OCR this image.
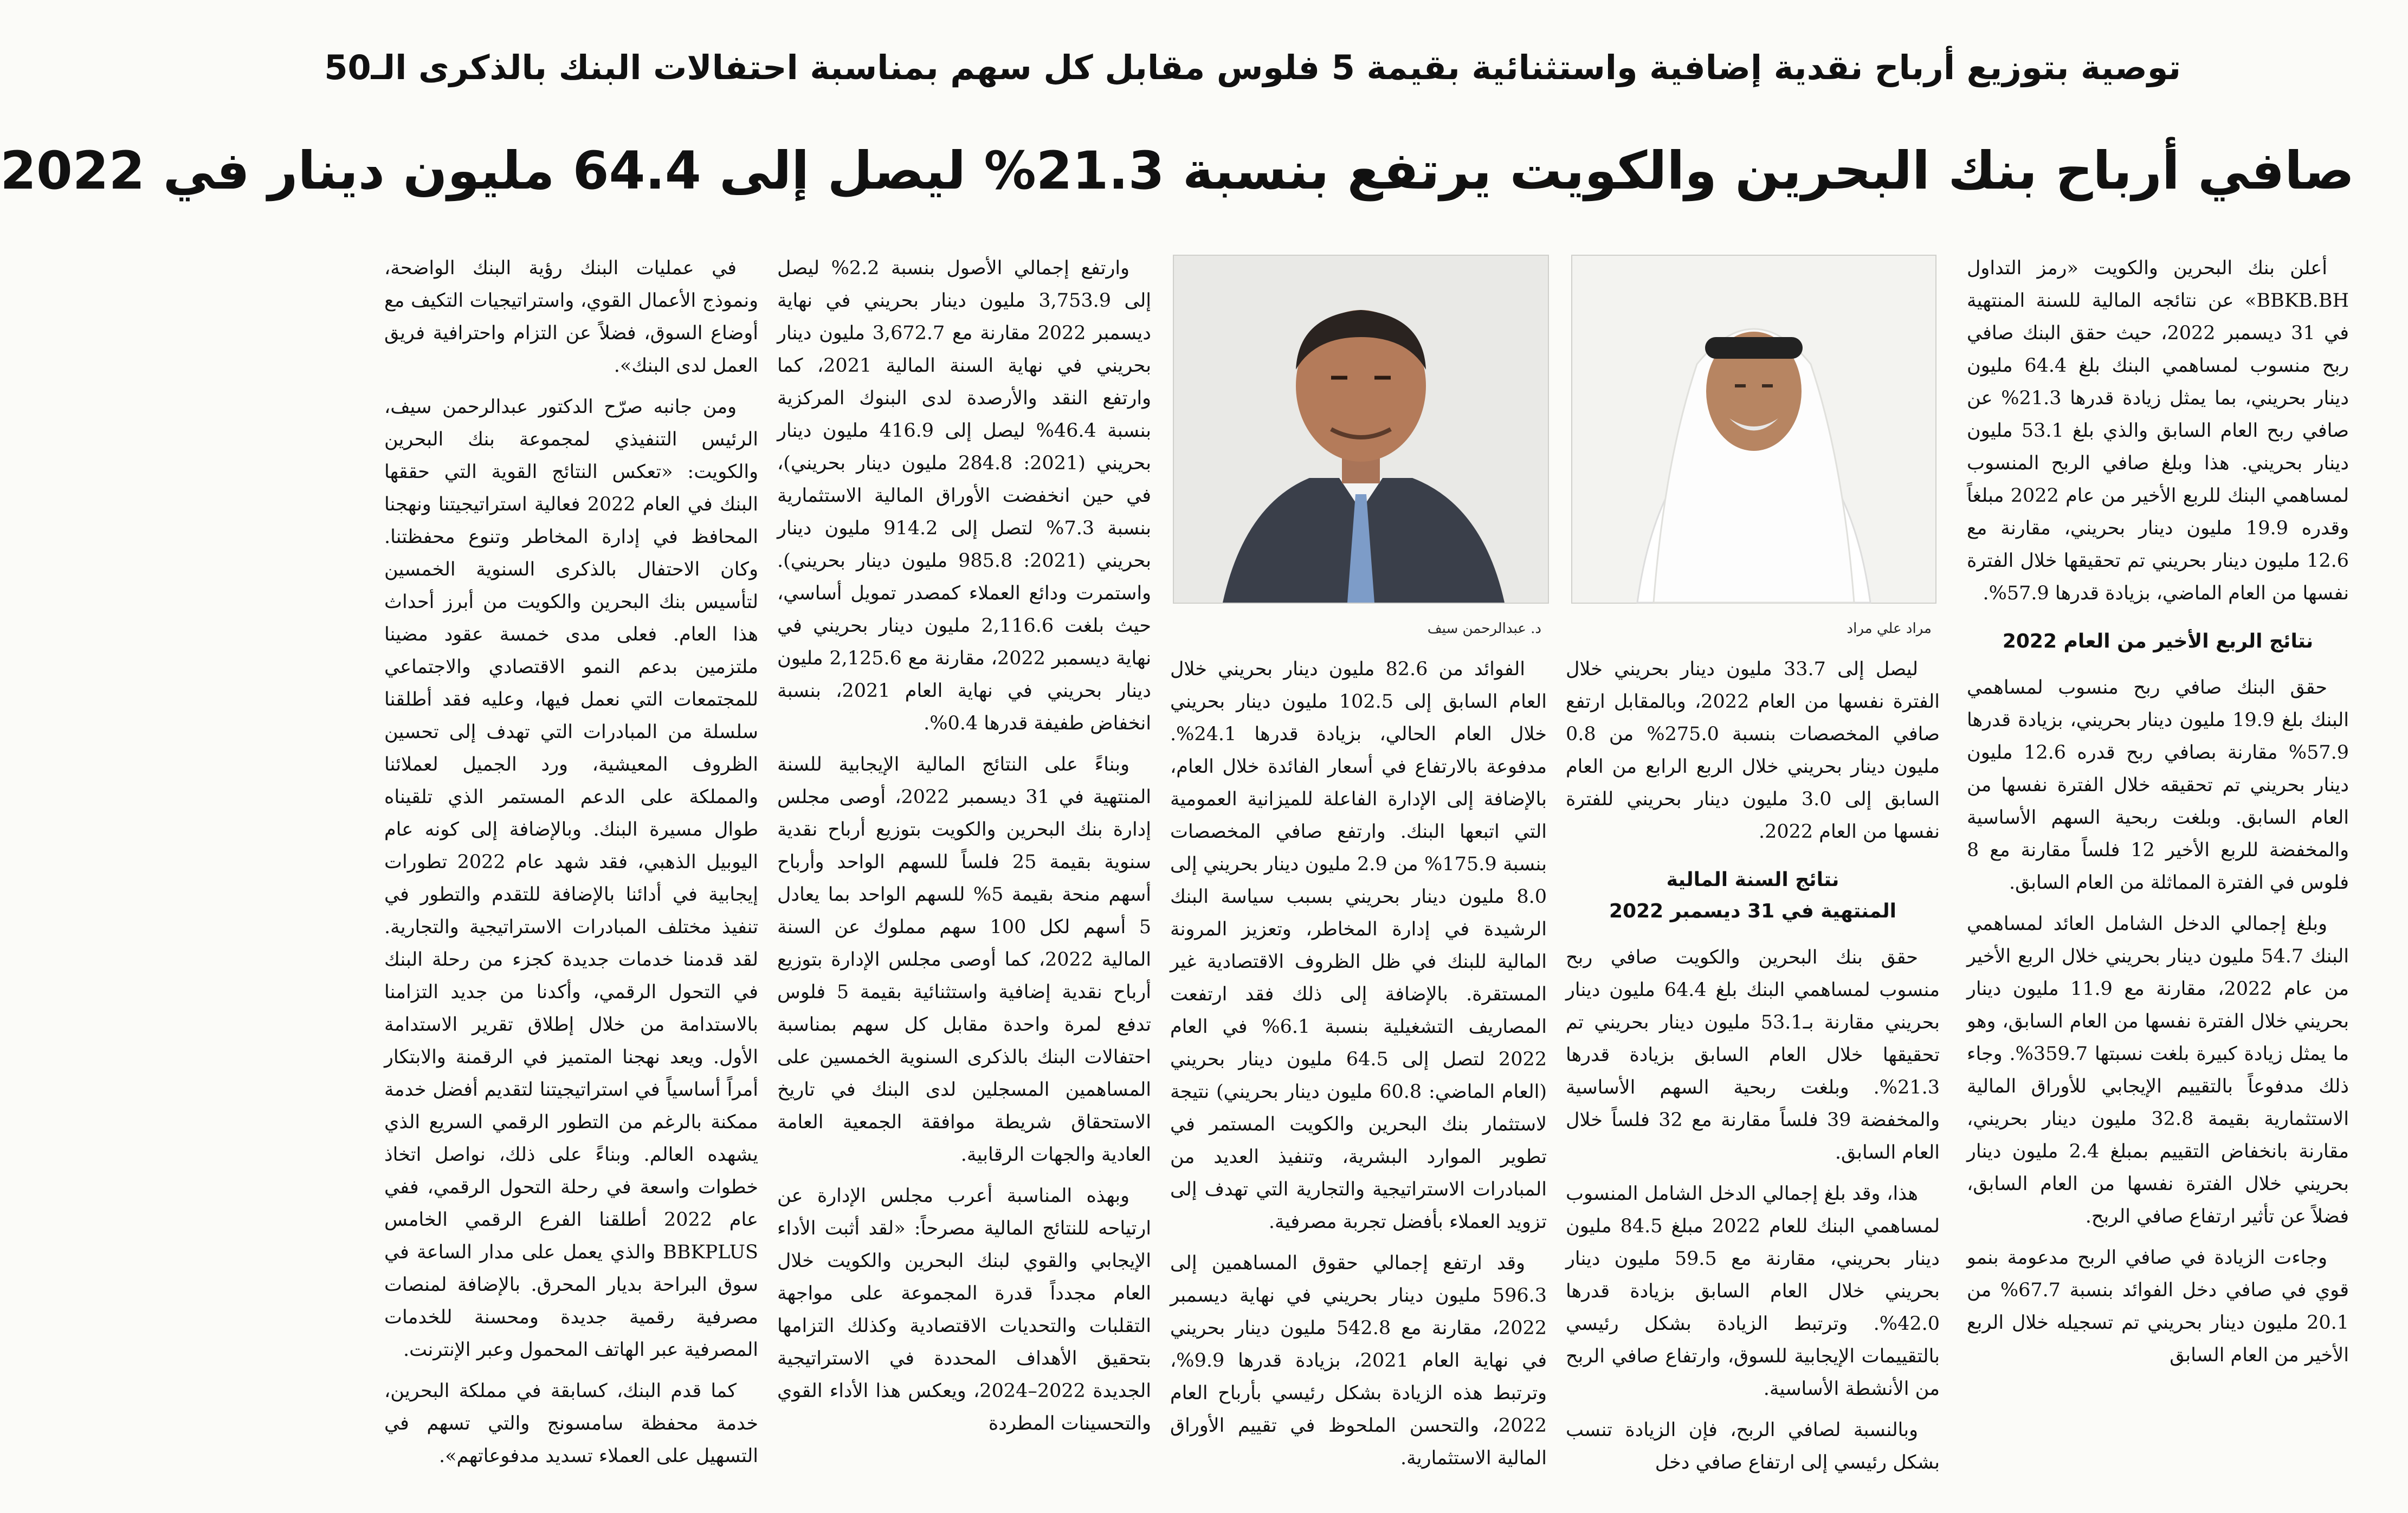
توصية بتوزيع أرباح نقدية إضافية واستثنائية بقيمة 5 فلوس مقابل كل سهم بمناسبة احتفالات البنك بالذكرى الـ50
صافي أرباح بنك البحرين والكويت يرتفع بنسبة 21.3% ليصل إلى 64.4 مليون دينار في 2022

أعلن بنك البحرين والكويت «رمز التداول BBKB.BH» عن نتائجه المالية للسنة المنتهية في 31 ديسمبر 2022، حيث حقق البنك صافي ربح منسوب لمساهمي البنك بلغ 64.4 مليون دينار بحريني، بما يمثل زيادة قدرها 21.3% عن صافي ربح العام السابق والذي بلغ 53.1 مليون دينار بحريني. هذا وبلغ صافي الربح المنسوب لمساهمي البنك للربع الأخير من عام 2022 مبلغاً وقدره 19.9 مليون دينار بحريني، مقارنة مع 12.6 مليون دينار بحريني تم تحقيقها خلال الفترة نفسها من العام الماضي، بزيادة قدرها 57.9%.

نتائج الربع الأخير من العام 2022

حقق البنك صافي ربح منسوب لمساهمي البنك بلغ 19.9 مليون دينار بحريني، بزيادة قدرها 57.9% مقارنة بصافي ربح قدره 12.6 مليون دينار بحريني تم تحقيقه خلال الفترة نفسها من العام السابق. وبلغت ربحية السهم الأساسية والمخفضة للربع الأخير 12 فلساً مقارنة مع 8 فلوس في الفترة المماثلة من العام السابق.

وبلغ إجمالي الدخل الشامل العائد لمساهمي البنك 54.7 مليون دينار بحريني خلال الربع الأخير من عام 2022، مقارنة مع 11.9 مليون دينار بحريني خلال الفترة نفسها من العام السابق، وهو ما يمثل زيادة كبيرة بلغت نسبتها 359.7%. وجاء ذلك مدفوعاً بالتقييم الإيجابي للأوراق المالية الاستثمارية بقيمة 32.8 مليون دينار بحريني، مقارنة بانخفاض التقييم بمبلغ 2.4 مليون دينار بحريني خلال الفترة نفسها من العام السابق، فضلاً عن تأثير ارتفاع صافي الربح.

وجاءت الزيادة في صافي الربح مدعومة بنمو قوي في صافي دخل الفوائد بنسبة 67.7% من 20.1 مليون دينار بحريني تم تسجيله خلال الربع الأخير من العام السابق

مراد علي مراد
د. عبدالرحمن سيف

ليصل إلى 33.7 مليون دينار بحريني خلال الفترة نفسها من العام 2022، وبالمقابل ارتفع صافي المخصصات بنسبة 275.0% من 0.8 مليون دينار بحريني خلال الربع الرابع من العام السابق إلى 3.0 مليون دينار بحريني للفترة نفسها من العام 2022.

نتائج السنة المالية
المنتهية في 31 ديسمبر 2022

حقق بنك البحرين والكويت صافي ربح منسوب لمساهمي البنك بلغ 64.4 مليون دينار بحريني مقارنة بـ53.1 مليون دينار بحريني تم تحقيقها خلال العام السابق بزيادة قدرها 21.3%. وبلغت ربحية السهم الأساسية والمخفضة 39 فلساً مقارنة مع 32 فلساً خلال العام السابق.

هذا، وقد بلغ إجمالي الدخل الشامل المنسوب لمساهمي البنك للعام 2022 مبلغ 84.5 مليون دينار بحريني، مقارنة مع 59.5 مليون دينار بحريني خلال العام السابق بزيادة قدرها 42.0%. وترتبط الزيادة بشكل رئيسي بالتقييمات الإيجابية للسوق، وارتفاع صافي الربح من الأنشطة الأساسية.

وبالنسبة لصافي الربح، فإن الزيادة تنسب بشكل رئيسي إلى ارتفاع صافي دخل

الفوائد من 82.6 مليون دينار بحريني خلال العام السابق إلى 102.5 مليون دينار بحريني خلال العام الحالي، بزيادة قدرها 24.1%. مدفوعة بالارتفاع في أسعار الفائدة خلال العام، بالإضافة إلى الإدارة الفاعلة للميزانية العمومية التي اتبعها البنك. وارتفع صافي المخصصات بنسبة 175.9% من 2.9 مليون دينار بحريني إلى 8.0 مليون دينار بحريني بسبب سياسة البنك الرشيدة في إدارة المخاطر، وتعزيز المرونة المالية للبنك في ظل الظروف الاقتصادية غير المستقرة. بالإضافة إلى ذلك فقد ارتفعت المصاريف التشغيلية بنسبة 6.1% في العام 2022 لتصل إلى 64.5 مليون دينار بحريني (العام الماضي: 60.8 مليون دينار بحريني) نتيجة لاستثمار بنك البحرين والكويت المستمر في تطوير الموارد البشرية، وتنفيذ العديد من المبادرات الاستراتيجية والتجارية التي تهدف إلى تزويد العملاء بأفضل تجربة مصرفية.

وقد ارتفع إجمالي حقوق المساهمين إلى 596.3 مليون دينار بحريني في نهاية ديسمبر 2022، مقارنة مع 542.8 مليون دينار بحريني في نهاية العام 2021، بزيادة قدرها 9.9%، وترتبط هذه الزيادة بشكل رئيسي بأرباح العام 2022، والتحسن الملحوظ في تقييم الأوراق المالية الاستثمارية.

وارتفع إجمالي الأصول بنسبة 2.2% ليصل إلى 3,753.9 مليون دينار بحريني في نهاية ديسمبر 2022 مقارنة مع 3,672.7 مليون دينار بحريني في نهاية السنة المالية 2021، كما وارتفع النقد والأرصدة لدى البنوك المركزية بنسبة 46.4% ليصل إلى 416.9 مليون دينار بحريني (2021: 284.8 مليون دينار بحريني)، في حين انخفضت الأوراق المالية الاستثمارية بنسبة 7.3% لتصل إلى 914.2 مليون دينار بحريني (2021: 985.8 مليون دينار بحريني). واستمرت ودائع العملاء كمصدر تمويل أساسي، حيث بلغت 2,116.6 مليون دينار بحريني في نهاية ديسمبر 2022، مقارنة مع 2,125.6 مليون دينار بحريني في نهاية العام 2021، بنسبة انخفاض طفيفة قدرها 0.4%.

وبناءً على النتائج المالية الإيجابية للسنة المنتهية في 31 ديسمبر 2022، أوصى مجلس إدارة بنك البحرين والكويت بتوزيع أرباح نقدية سنوية بقيمة 25 فلساً للسهم الواحد وأرباح أسهم منحة بقيمة 5% للسهم الواحد بما يعادل 5 أسهم لكل 100 سهم مملوك عن السنة المالية 2022، كما أوصى مجلس الإدارة بتوزيع أرباح نقدية إضافية واستثنائية بقيمة 5 فلوس تدفع لمرة واحدة مقابل كل سهم بمناسبة احتفالات البنك بالذكرى السنوية الخمسين على المساهمين المسجلين لدى البنك في تاريخ الاستحقاق شريطة موافقة الجمعية العامة العادية والجهات الرقابية.

وبهذه المناسبة أعرب مجلس الإدارة عن ارتياحه للنتائج المالية مصرحاً: «لقد أثبت الأداء الإيجابي والقوي لبنك البحرين والكويت خلال العام مجدداً قدرة المجموعة على مواجهة التقلبات والتحديات الاقتصادية وكذلك التزامها بتحقيق الأهداف المحددة في الاستراتيجية الجديدة 2022–2024، ويعكس هذا الأداء القوي والتحسينات المطردة

في عمليات البنك رؤية البنك الواضحة، ونموذج الأعمال القوي، واستراتيجيات التكيف مع أوضاع السوق، فضلاً عن التزام واحترافية فريق العمل لدى البنك».

ومن جانبه صرّح الدكتور عبدالرحمن سيف، الرئيس التنفيذي لمجموعة بنك البحرين والكويت: «تعكس النتائج القوية التي حققها البنك في العام 2022 فعالية استراتيجيتنا ونهجنا المحافظ في إدارة المخاطر وتنوع محفظتنا. وكان الاحتفال بالذكرى السنوية الخمسين لتأسيس بنك البحرين والكويت من أبرز أحداث هذا العام. فعلى مدى خمسة عقود مضينا ملتزمين بدعم النمو الاقتصادي والاجتماعي للمجتمعات التي نعمل فيها، وعليه فقد أطلقنا سلسلة من المبادرات التي تهدف إلى تحسين الظروف المعيشية، ورد الجميل لعملائنا والمملكة على الدعم المستمر الذي تلقيناه طوال مسيرة البنك. وبالإضافة إلى كونه عام اليوبيل الذهبي، فقد شهد عام 2022 تطورات إيجابية في أدائنا بالإضافة للتقدم والتطور في تنفيذ مختلف المبادرات الاستراتيجية والتجارية. لقد قدمنا خدمات جديدة كجزء من رحلة البنك في التحول الرقمي، وأكدنا من جديد التزامنا بالاستدامة من خلال إطلاق تقرير الاستدامة الأول. ويعد نهجنا المتميز في الرقمنة والابتكار أمراً أساسياً في استراتيجيتنا لتقديم أفضل خدمة ممكنة بالرغم من التطور الرقمي السريع الذي يشهده العالم. وبناءً على ذلك، نواصل اتخاذ خطوات واسعة في رحلة التحول الرقمي، ففي عام 2022 أطلقنا الفرع الرقمي الخامس BBKPLUS والذي يعمل على مدار الساعة في سوق البراحة بديار المحرق. بالإضافة لمنصات مصرفية رقمية جديدة ومحسنة للخدمات المصرفية عبر الهاتف المحمول وعبر الإنترنت.

كما قدم البنك، كسابقة في مملكة البحرين، خدمة محفظة سامسونج والتي تسهم في التسهيل على العملاء تسديد مدفوعاتهم».
